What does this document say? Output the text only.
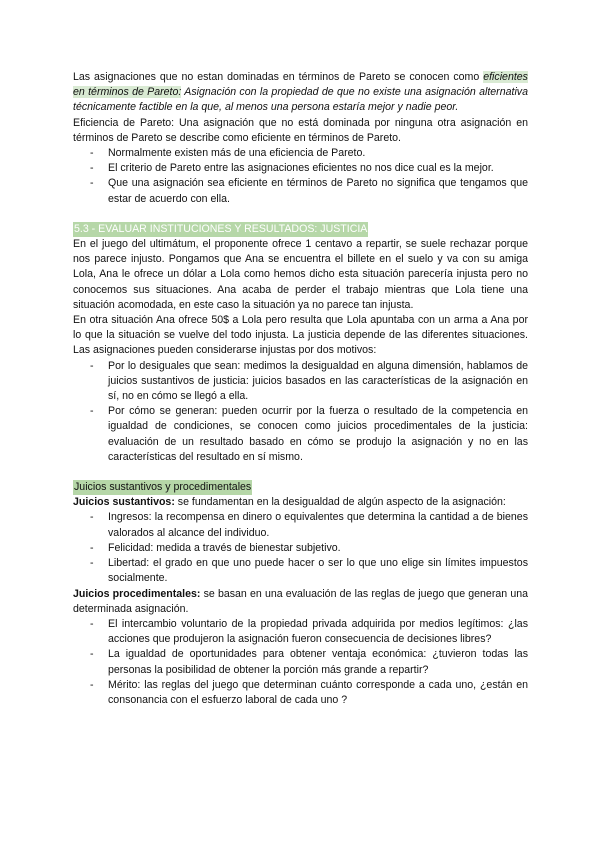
Las asignaciones que no estan dominadas en términos de Pareto se conocen como eficientes en términos de Pareto: Asignación con la propiedad de que no existe una asignación alternativa técnicamente factible en la que, al menos una persona estaría mejor y nadie peor.

Eficiencia de Pareto: Una asignación que no está dominada por ninguna otra asignación en términos de Pareto se describe como eficiente en términos de Pareto.

- Normalmente existen más de una eficiencia de Pareto.
- El criterio de Pareto entre las asignaciones eficientes no nos dice cual es la mejor.
- Que una asignación sea eficiente en términos de Pareto no significa que tengamos que estar de acuerdo con ella.

5.3 - EVALUAR INSTITUCIONES Y RESULTADOS: JUSTICIA

En el juego del ultimátum, el proponente ofrece 1 centavo a repartir, se suele rechazar porque nos parece injusto. Pongamos que Ana se encuentra el billete en el suelo y va con su amiga Lola, Ana le ofrece un dólar a Lola como hemos dicho esta situación parecería injusta pero no conocemos sus situaciones. Ana acaba de perder el trabajo mientras que Lola tiene una situación acomodada, en este caso la situación ya no parece tan injusta.

En otra situación Ana ofrece 50$ a Lola pero resulta que Lola apuntaba con un arma a Ana por lo que la situación se vuelve del todo injusta. La justicia depende de las diferentes situaciones. Las asignaciones pueden considerarse injustas por dos motivos:

- Por lo desiguales que sean: medimos la desigualdad en alguna dimensión, hablamos de juicios sustantivos de justicia: juicios basados en las características de la asignación en sí, no en cómo se llegó a ella.
- Por cómo se generan: pueden ocurrir por la fuerza o resultado de la competencia en igualdad de condiciones, se conocen como juicios procedimentales de la justicia: evaluación de un resultado basado en cómo se produjo la asignación y no en las características del resultado en sí mismo.

Juicios sustantivos y procedimentales

Juicios sustantivos: se fundamentan en la desigualdad de algún aspecto de la asignación:

- Ingresos: la recompensa en dinero o equivalentes que determina la cantidad a de bienes valorados al alcance del individuo.
- Felicidad: medida a través de bienestar subjetivo.
- Libertad: el grado en que uno puede hacer o ser lo que uno elige sin límites impuestos socialmente.

Juicios procedimentales: se basan en una evaluación de las reglas de juego que generan una determinada asignación.

- El intercambio voluntario de la propiedad privada adquirida por medios legítimos: ¿las acciones que produjeron la asignación fueron consecuencia de decisiones libres?
- La igualdad de oportunidades para obtener ventaja económica: ¿tuvieron todas las personas la posibilidad de obtener la porción más grande a repartir?
- Mérito: las reglas del juego que determinan cuánto corresponde a cada uno, ¿están en consonancia con el esfuerzo laboral de cada uno ?
